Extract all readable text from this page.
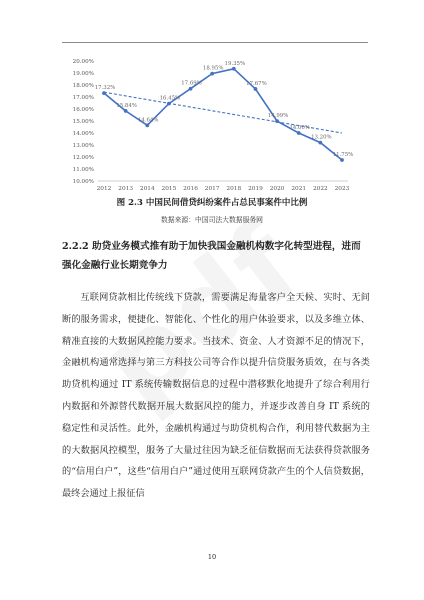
10.00%
11.00%
12.00%
13.00%
14.00%
15.00%
16.00%
17.00%
18.00%
19.00%
20.00%
2012 2013 2014 2015 2016 2017 2018 2019 2020 2021 2022 2023
17.32%
15.84%
14.64%
16.45%
17.69%
18.95%
19.35%
17.67%
14.99%
14.00%
13.20%
11.75%
图 2.3 中国民间借贷纠纷案件占总民事案件中比例
数据来源：中国司法大数据服务网
2.2.2 助贷业务模式推有助于加快我国金融机构数字化转型进程，进而强化金融行业长期竞争力

互联网贷款相比传统线下贷款，需要满足海量客户全天候、实时、无间断的服务需求，便捷化、智能化、个性化的用户体验要求，以及多维立体、精准直接的大数据风控能力要求。当技术、资金、人才资源不足的情况下，金融机构通常选择与第三方科技公司等合作以提升信贷服务质效，在与各类助贷机构通过 IT 系统传输数据信息的过程中潜移默化地提升了综合利用行内数据和外源替代数据开展大数据风控的能力，并逐步改善自身 IT 系统的稳定性和灵活性。此外，金融机构通过与助贷机构合作，利用替代数据为主的大数据风控模型，服务了大量过往因为缺乏征信数据而无法获得贷款服务的“信用白户”，这些“信用白户”通过使用互联网贷款产生的个人信贷数据，最终会通过上报征信

10
